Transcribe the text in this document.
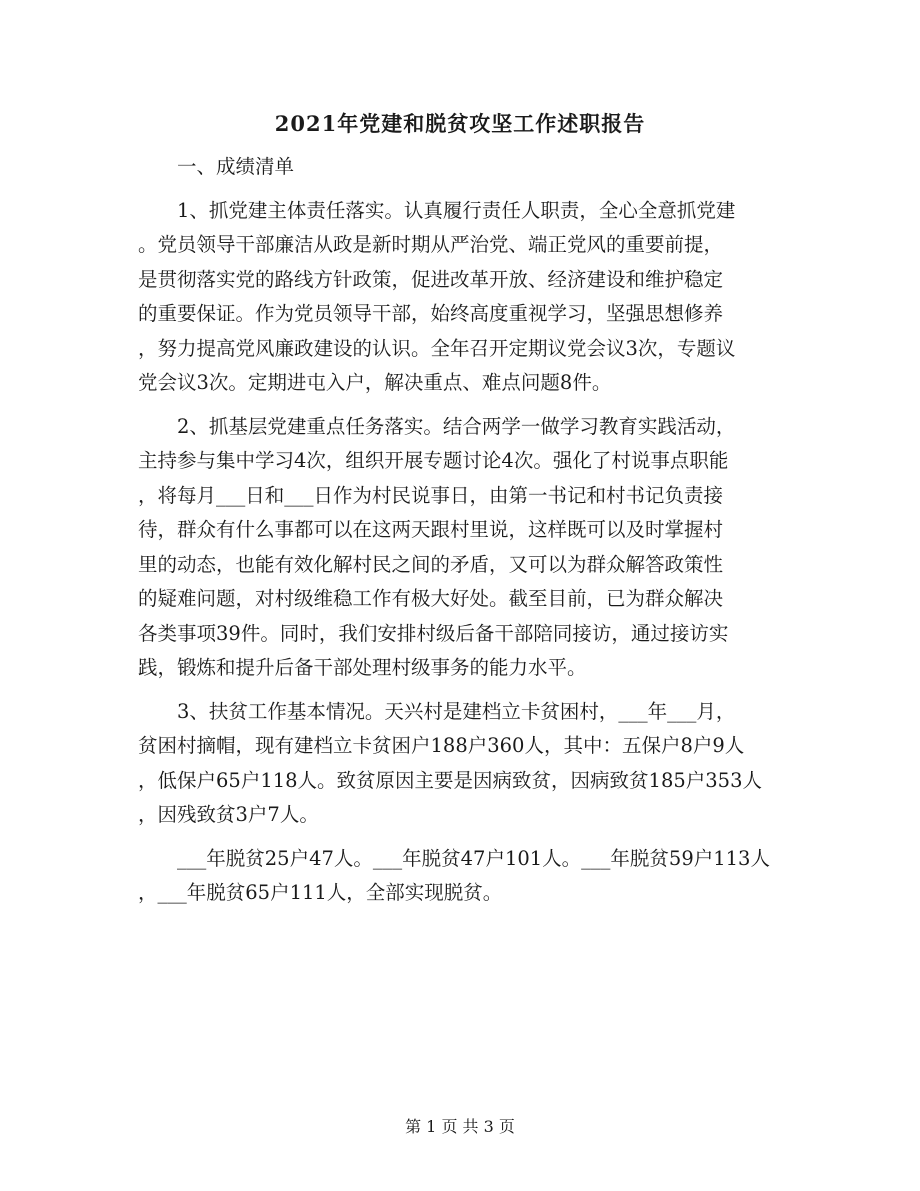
2021年党建和脱贫攻坚工作述职报告
一、成绩清单
1、抓党建主体责任落实。认真履行责任人职责，全心全意抓党建
。党员领导干部廉洁从政是新时期从严治党、端正党风的重要前提，
是贯彻落实党的路线方针政策，促进改革开放、经济建设和维护稳定
的重要保证。作为党员领导干部，始终高度重视学习，坚强思想修养
，努力提高党风廉政建设的认识。全年召开定期议党会议3次，专题议
党会议3次。定期进屯入户，解决重点、难点问题8件。
2、抓基层党建重点任务落实。结合两学一做学习教育实践活动，
主持参与集中学习4次，组织开展专题讨论4次。强化了村说事点职能
，将每月___日和___日作为村民说事日，由第一书记和村书记负责接
待，群众有什么事都可以在这两天跟村里说，这样既可以及时掌握村
里的动态，也能有效化解村民之间的矛盾，又可以为群众解答政策性
的疑难问题，对村级维稳工作有极大好处。截至目前，已为群众解决
各类事项39件。同时，我们安排村级后备干部陪同接访，通过接访实
践，锻炼和提升后备干部处理村级事务的能力水平。
3、扶贫工作基本情况。天兴村是建档立卡贫困村，___年___月，
贫困村摘帽，现有建档立卡贫困户188户360人，其中：五保户8户9人
，低保户65户118人。致贫原因主要是因病致贫，因病致贫185户353人
，因残致贫3户7人。
___年脱贫25户47人。___年脱贫47户101人。___年脱贫59户113人
，___年脱贫65户111人，全部实现脱贫。
第 1 页 共 3 页
